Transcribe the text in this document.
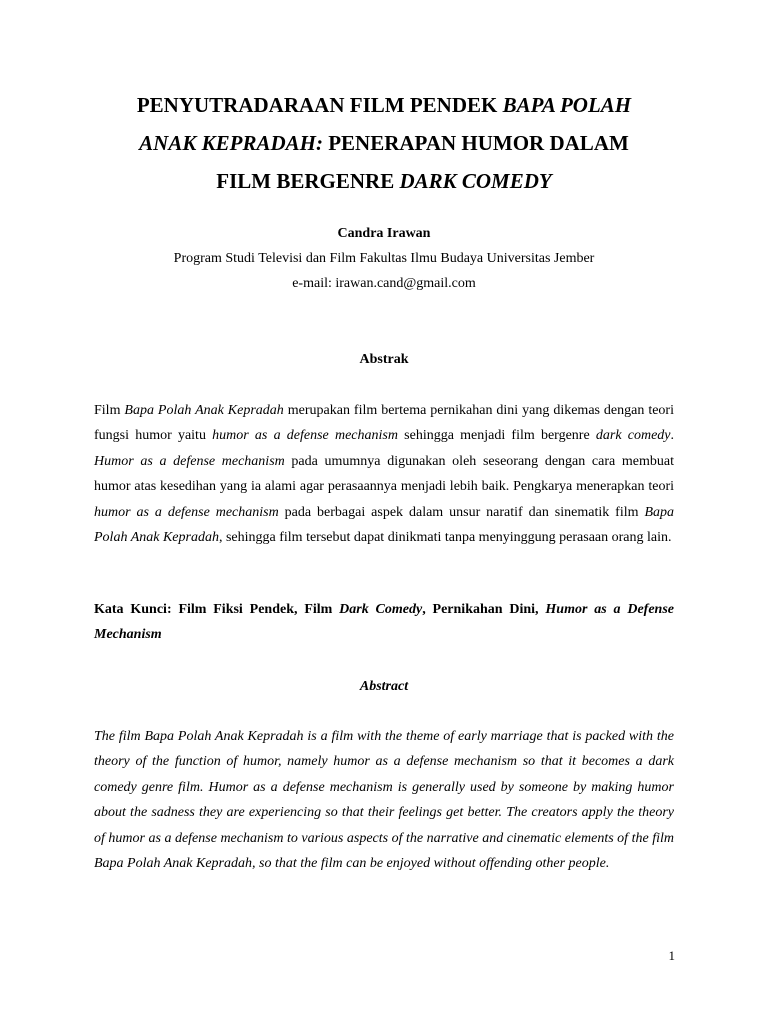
PENYUTRADARAAN FILM PENDEK BAPA POLAH
ANAK KEPRADAH: PENERAPAN HUMOR DALAM
FILM BERGENRE DARK COMEDY
Candra Irawan
Program Studi Televisi dan Film Fakultas Ilmu Budaya Universitas Jember
e-mail: irawan.cand@gmail.com
Abstrak
Film Bapa Polah Anak Kepradah merupakan film bertema pernikahan dini yang dikemas dengan teori fungsi humor yaitu humor as a defense mechanism sehingga menjadi film bergenre dark comedy. Humor as a defense mechanism pada umumnya digunakan oleh seseorang dengan cara membuat humor atas kesedihan yang ia alami agar perasaannya menjadi lebih baik. Pengkarya menerapkan teori humor as a defense mechanism pada berbagai aspek dalam unsur naratif dan sinematik film Bapa Polah Anak Kepradah, sehingga film tersebut dapat dinikmati tanpa menyinggung perasaan orang lain.
Kata Kunci: Film Fiksi Pendek, Film Dark Comedy, Pernikahan Dini, Humor as a Defense Mechanism
Abstract
The film Bapa Polah Anak Kepradah is a film with the theme of early marriage that is packed with the theory of the function of humor, namely humor as a defense mechanism so that it becomes a dark comedy genre film. Humor as a defense mechanism is generally used by someone by making humor about the sadness they are experiencing so that their feelings get better. The creators apply the theory of humor as a defense mechanism to various aspects of the narrative and cinematic elements of the film Bapa Polah Anak Kepradah, so that the film can be enjoyed without offending other people.
1
